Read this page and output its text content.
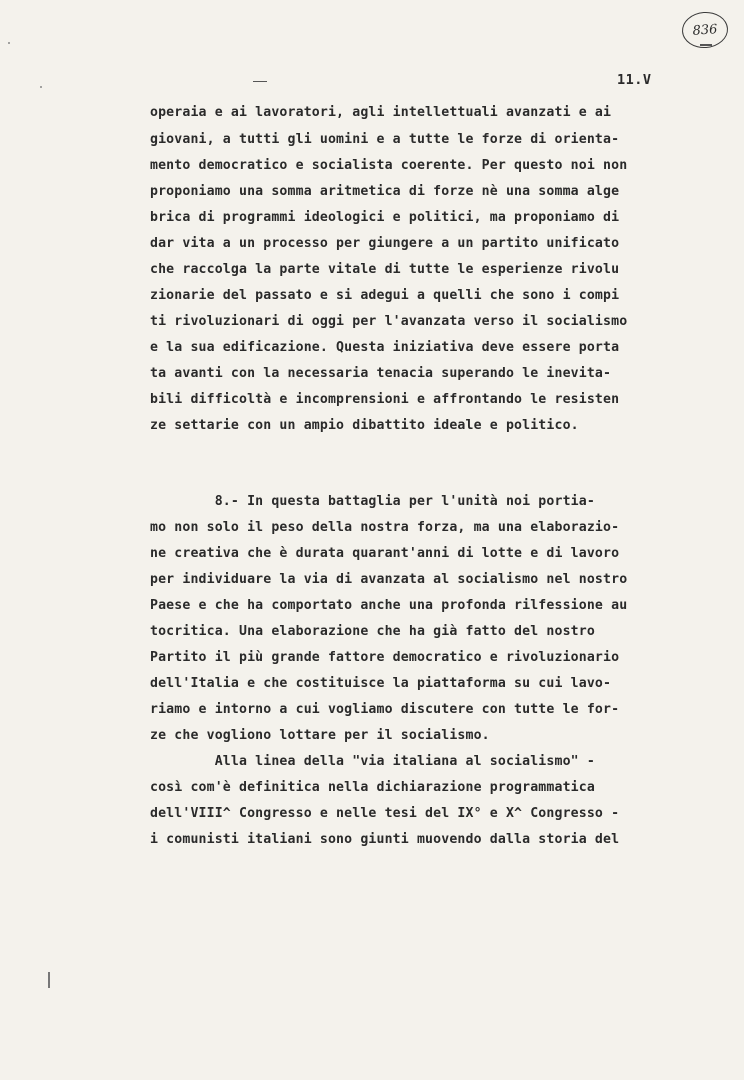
836
11.V
operaia e ai lavoratori, agli intellettuali avanzati e ai
giovani, a tutti gli uomini e a tutte le forze di orienta-
mento democratico e socialista coerente. Per questo noi non
proponiamo una somma aritmetica di forze nè una somma alge
brica di programmi ideologici e politici, ma proponiamo di
dar vita a un processo per giungere a un partito unificato
che raccolga la parte vitale di tutte le esperienze rivolu
zionarie del passato e si adegui a quelli che sono i compi
ti rivoluzionari di oggi per l'avanzata verso il socialismo
e la sua edificazione. Questa iniziativa deve essere porta
ta avanti con la necessaria tenacia superando le inevita-
bili difficoltà e incomprensioni e affrontando le resisten
ze settarie con un ampio dibattito ideale e politico.
8.- In questa battaglia per l'unità noi portia-
mo non solo il peso della nostra forza, ma una elaborazio-
ne creativa che è durata quarant'anni di lotte e di lavoro
per individuare la via di avanzata al socialismo nel nostro
Paese e che ha comportato anche una profonda rilfessione au
tocritica. Una elaborazione che ha già fatto del nostro
Partito il più grande fattore democratico e rivoluzionario
dell'Italia e che costituisce la piattaforma su cui lavo-
riamo e intorno a cui vogliamo discutere con tutte le for-
ze che vogliono lottare per il socialismo.
Alla linea della "via italiana al socialismo" -
così com'è definitica nella dichiarazione programmatica
dell'VIII^ Congresso e nelle tesi del IX° e X^ Congresso -
i comunisti italiani sono giunti muovendo dalla storia del
